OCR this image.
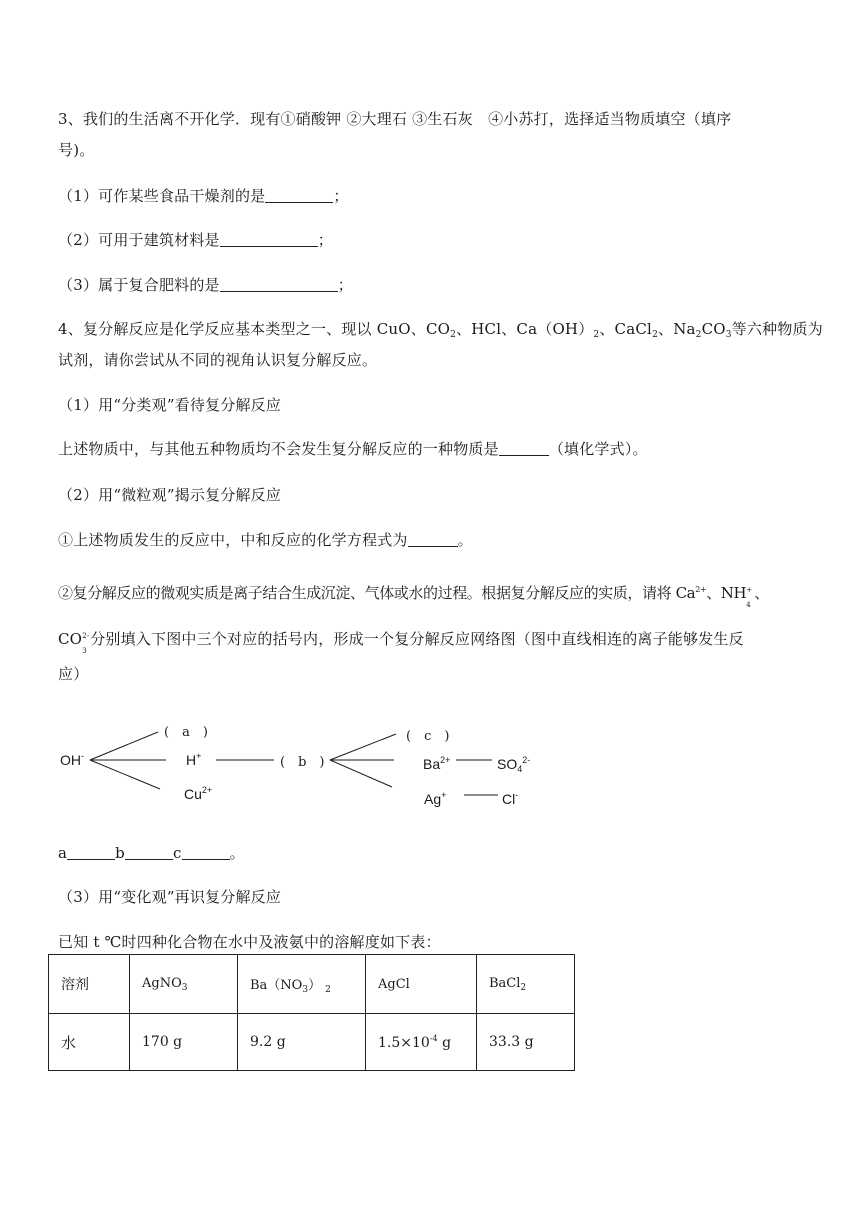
3、我们的生活离不开化学．现有①硝酸钾 ②大理石 ③生石灰　④小苏打，选择适当物质填空（填序
号)。
（1）可作某些食品干燥剂的是	；
（2）可用于建筑材料是	；
（3）属于复合肥料的是	；
4、复分解反应是化学反应基本类型之一、现以 CuO、$CO_2$、HCl、$Ca(OH)_2$、CaCl$_2$、$Na_2CO_3$等六种物质为
试剂，请你尝试从不同的视角认识复分解反应。
（1）用“分类观”看待复分解反应
上述物质中，与其他五种物质均不会发生复分解反应的一种物质是	（填化学式）。
（2）用“微粒观”揭示复分解反应
①上述物质发生的反应中，中和反应的化学方程式为	。
②复分解反应的微观实质是离子结合生成沉淀、气体或水的过程。根据复分解反应的实质，请将 $Ca^{2+}$、NH +
4
、
CO 2-
3
分别填入下图中三个对应的括号内，形成一个复分解反应网络图（图中直线相连的离子能够发生反
应）
OH-
(　a　)
H+
$Cu^{2+}$
(　b　)
(　c　)
$Ba^{2+}$	$SO_4^{2-}$
Ag+	Cl-
a	b	c	。
（3）用“变化观”再识复分解反应
已知 t ℃时四种化合物在水中及液氨中的溶解度如下表：
溶剂	AgNO$_3$	$Ba(NO_3)$ $_2$	AgCl	BaCl$_2$
水	170 g	9.2 g	$1.5\times 10^{-4}$ g	33.3 g
